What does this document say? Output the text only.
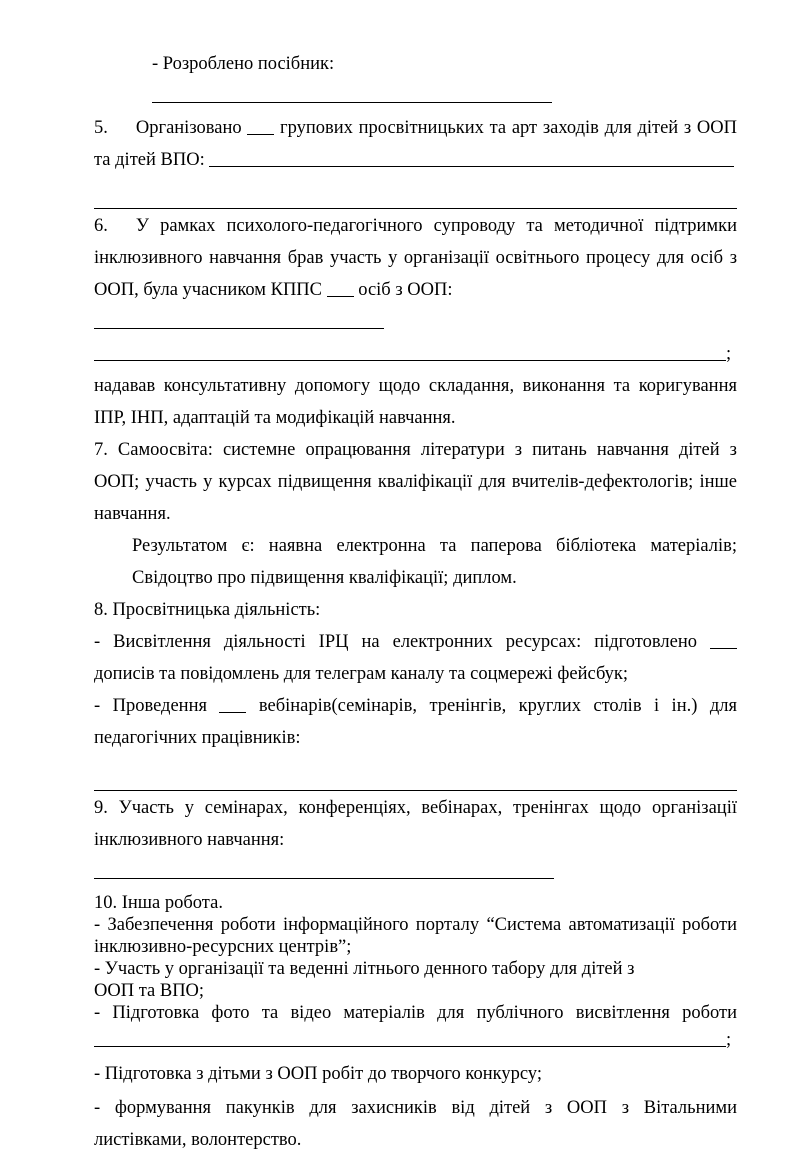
- Розроблено посібник:
5. Організовано  групових просвітницьких та арт заходів для дітей з ООП
та дітей ВПО:
6. У рамках психолого-педагогічного супроводу та методичної підтримки
інклюзивного навчання брав участь у організації освітнього процесу для осіб з
ООП, була учасником КППС  осіб з ООП:
;
надавав консультативну допомогу щодо складання, виконання та коригування
ІПР, ІНП, адаптацій та модифікацій навчання.
7. Самоосвіта: системне опрацювання літератури з питань навчання дітей з
ООП; участь у курсах підвищення кваліфікації для вчителів-дефектологів; інше
навчання.
Результатом є: наявна електронна та паперова бібліотека матеріалів;
Свідоцтво про підвищення кваліфікації; диплом.
8. Просвітницька діяльність:
- Висвітлення діяльності ІРЦ на електронних ресурсах: підготовлено
дописів та повідомлень для телеграм каналу та соцмережі фейсбук;
- Проведення  вебінарів(семінарів, тренінгів, круглих столів і ін.) для
педагогічних працівників:
9. Участь у семінарах, конференціях, вебінарах, тренінгах щодо організації
інклюзивного навчання:
10. Інша робота.
- Забезпечення роботи інформаційного порталу “Система автоматизації роботи
інклюзивно-ресурсних центрів”;
- Участь у організації та веденні літнього денного табору для дітей з
ООП та ВПО;
- Підготовка фото та відео матеріалів для публічного висвітлення роботи
;
- Підготовка з дітьми з ООП робіт до творчого конкурсу;
- формування пакунків для захисників від дітей з ООП з Вітальними
листівками, волонтерство.
